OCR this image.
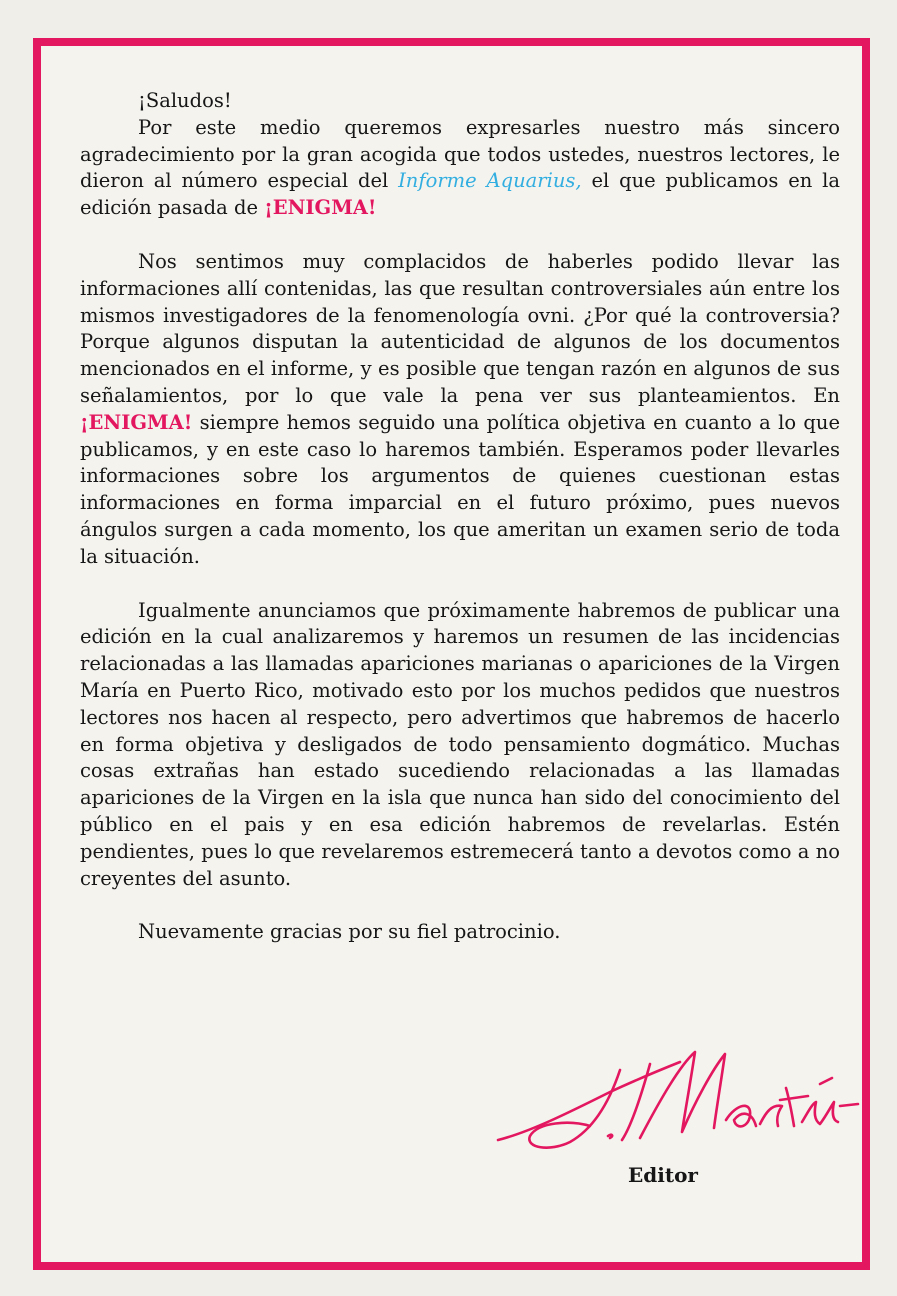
¡Saludos!

Por este medio queremos expresarles nuestro más sincero agradecimiento por la gran acogida que todos ustedes, nuestros lectores, le dieron al número especial del Informe Aquarius, el que publicamos en la edición pasada de ¡ENIGMA!

Nos sentimos muy complacidos de haberles podido llevar las informaciones allí contenidas, las que resultan controversiales aún entre los mismos investigadores de la fenomenología ovni. ¿Por qué la controversia? Porque algunos disputan la autenticidad de algunos de los documentos mencionados en el informe, y es posible que tengan razón en algunos de sus señalamientos, por lo que vale la pena ver sus planteamientos. En ¡ENIGMA! siempre hemos seguido una política objetiva en cuanto a lo que publicamos, y en este caso lo haremos también. Esperamos poder llevarles informaciones sobre los argumentos de quienes cuestionan estas informaciones en forma imparcial en el futuro próximo, pues nuevos ángulos surgen a cada momento, los que ameritan un examen serio de toda la situación.

Igualmente anunciamos que próximamente habremos de publicar una edición en la cual analizaremos y haremos un resumen de las incidencias relacionadas a las llamadas apariciones marianas o apariciones de la Virgen María en Puerto Rico, motivado esto por los muchos pedidos que nuestros lectores nos hacen al respecto, pero advertimos que habremos de hacerlo en forma objetiva y desligados de todo pensamiento dogmático. Muchas cosas extrañas han estado sucediendo relacionadas a las llamadas apariciones de la Virgen en la isla que nunca han sido del conocimiento del público en el pais y en esa edición habremos de revelarlas. Estén pendientes, pues lo que revelaremos estremecerá tanto a devotos como a no creyentes del asunto.

Nuevamente gracias por su fiel patrocinio.

Editor
